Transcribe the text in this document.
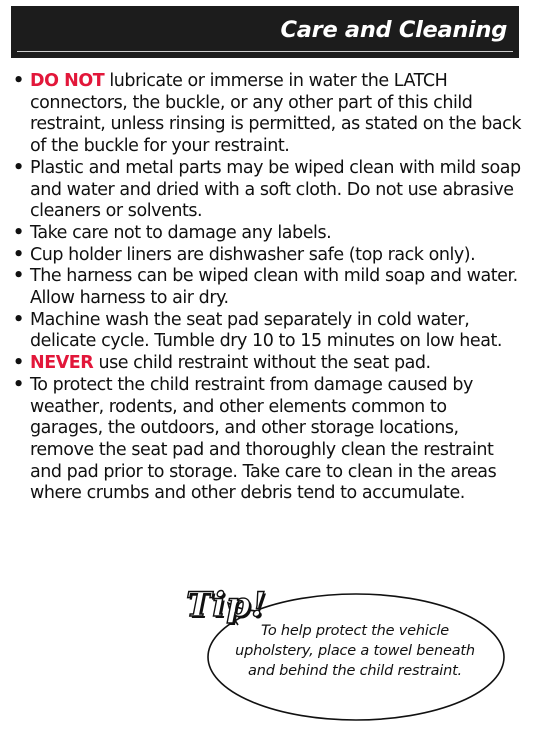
Care and Cleaning
• DO NOT lubricate or immerse in water the LATCH connectors, the buckle, or any other part of this child restraint, unless rinsing is permitted, as stated on the back of the buckle for your restraint.
• Plastic and metal parts may be wiped clean with mild soap and water and dried with a soft cloth. Do not use abrasive cleaners or solvents.
• Take care not to damage any labels.
• Cup holder liners are dishwasher safe (top rack only).
• The harness can be wiped clean with mild soap and water. Allow harness to air dry.
• Machine wash the seat pad separately in cold water, delicate cycle. Tumble dry 10 to 15 minutes on low heat.
• NEVER use child restraint without the seat pad.
• To protect the child restraint from damage caused by weather, rodents, and other elements common to garages, the outdoors, and other storage locations, remove the seat pad and thoroughly clean the restraint and pad prior to storage. Take care to clean in the areas where crumbs and other debris tend to accumulate.
Tip!
To help protect the vehicle upholstery, place a towel beneath and behind the child restraint.
